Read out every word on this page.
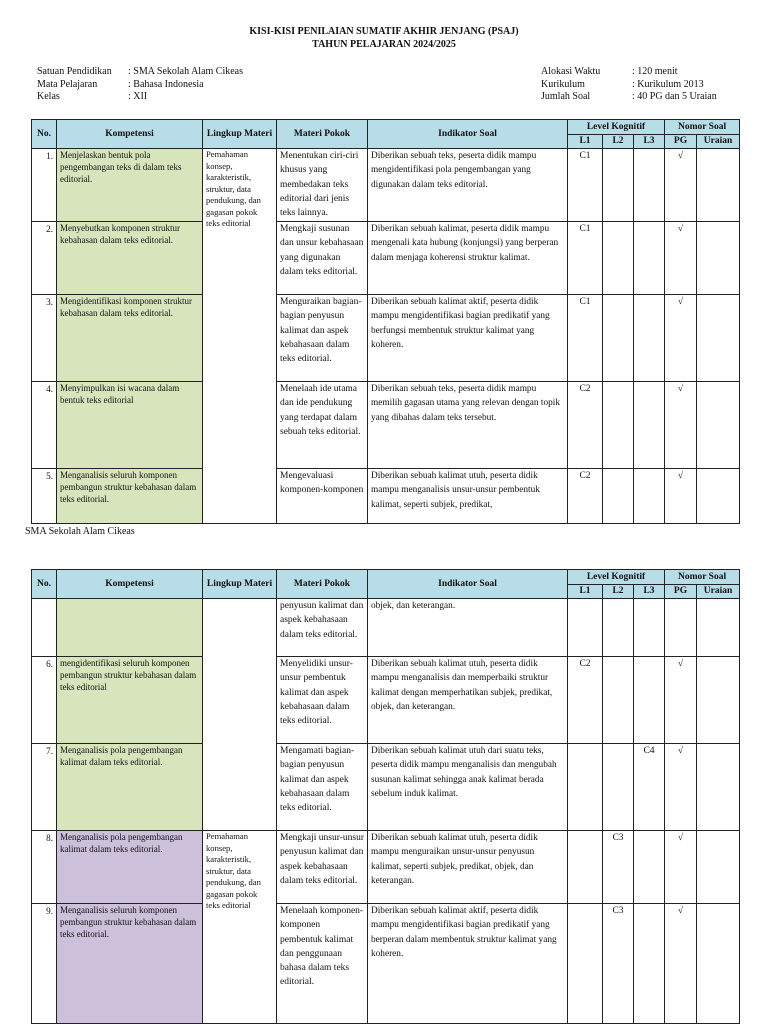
KISI-KISI PENILAIAN SUMATIF AKHIR JENJANG (PSAJ)
TAHUN PELAJARAN 2024/2025
Satuan Pendidikan	: SMA Sekolah Alam Cikeas
Mata Pelajaran	: Bahasa Indonesia
Kelas	: XII
Alokasi Waktu	: 120 menit
Kurikulum	: Kurikulum 2013
Jumlah Soal	: 40 PG dan 5 Uraian
No.	Kompetensi	Lingkup Materi	Materi Pokok	Indikator Soal	Level Kognitif			Nomor Soal	
					L1	L2	L3	PG	Uraian
1.	Menjelaskan bentuk pola pengembangan teks di dalam teks editorial.	Pemahaman konsep, karakteristik, struktur, data pendukung, dan gagasan pokok teks editorial	Menentukan ciri-ciri khusus yang membedakan teks editorial dari jenis teks lainnya.	Diberikan sebuah teks, peserta didik mampu mengidentifikasi pola pengembangan yang digunakan dalam teks editorial.	C1			√	
2.	Menyebutkan komponen struktur kebahasan dalam teks editorial.		Mengkaji susunan dan unsur kebahasaan yang digunakan dalam teks editorial.	Diberikan sebuah kalimat, peserta didik mampu mengenali kata hubung (konjungsi) yang berperan dalam menjaga koherensi struktur kalimat.	C1			√	
3.	Mengidentifikasi komponen struktur kebahasan dalam teks editorial.		Menguraikan bagian-bagian penyusun kalimat dan aspek kebahasaan dalam teks editorial.	Diberikan sebuah kalimat aktif, peserta didik mampu mengidentifikasi bagian predikatif yang berfungsi membentuk struktur kalimat yang koheren.	C1			√	
4.	Menyimpulkan isi wacana dalam bentuk teks editorial		Menelaah ide utama dan ide pendukung yang terdapat dalam sebuah teks editorial.	Diberikan sebuah teks, peserta didik mampu memilih gagasan utama yang relevan dengan topik yang dibahas dalam teks tersebut.	C2			√	
5.	Menganalisis seluruh komponen pembangun struktur kebahasan dalam teks editorial.		Mengevaluasi komponen-komponen	Diberikan sebuah kalimat utuh, peserta didik mampu menganalisis unsur-unsur pembentuk kalimat, seperti subjek, predikat,	C2			√	
SMA Sekolah Alam Cikeas
No.	Kompetensi	Lingkup Materi	Materi Pokok	Indikator Soal	Level Kognitif			Nomor Soal	
					L1	L2	L3	PG	Uraian
			penyusun kalimat dan aspek kebahasaan dalam teks editorial.	objek, dan keterangan.					
6.	mengidentifikasi seluruh komponen pembangun struktur kebahasan dalam teks editorial		Menyelidiki unsur-unsur pembentuk kalimat dan aspek kebahasaan dalam teks editorial.	Diberikan sebuah kalimat utuh, peserta didik mampu menganalisis dan memperbaiki struktur kalimat dengan memperhatikan subjek, predikat, objek, dan keterangan.	C2			√	
7.	Menganalisis pola pengembangan kalimat dalam teks editorial.		Mengamati bagian-bagian penyusun kalimat dan aspek kebahasaan dalam teks editorial.	Diberikan sebuah kalimat utuh dari suatu teks, peserta didik mampu menganalisis dan mengubah susunan kalimat sehingga anak kalimat berada sebelum induk kalimat.			C4	√	
8.	Menganalisis pola pengembangan kalimat dalam teks editorial.	Pemahaman konsep, karakteristik, struktur, data pendukung, dan gagasan pokok teks editorial	Mengkaji unsur-unsur penyusun kalimat dan aspek kebahasaan dalam teks editorial.	Diberikan sebuah kalimat utuh, peserta didik mampu menguraikan unsur-unsur penyusun kalimat, seperti subjek, predikat, objek, dan keterangan.		C3		√	
9.	Menganalisis seluruh komponen pembangun struktur kebahasan dalam teks editorial.		Menelaah komponen-komponen pembentuk kalimat dan penggunaan bahasa dalam teks editorial.	Diberikan sebuah kalimat aktif, peserta didik mampu mengidentifikasi bagian predikatif yang berperan dalam membentuk struktur kalimat yang koheren.		C3		√	
